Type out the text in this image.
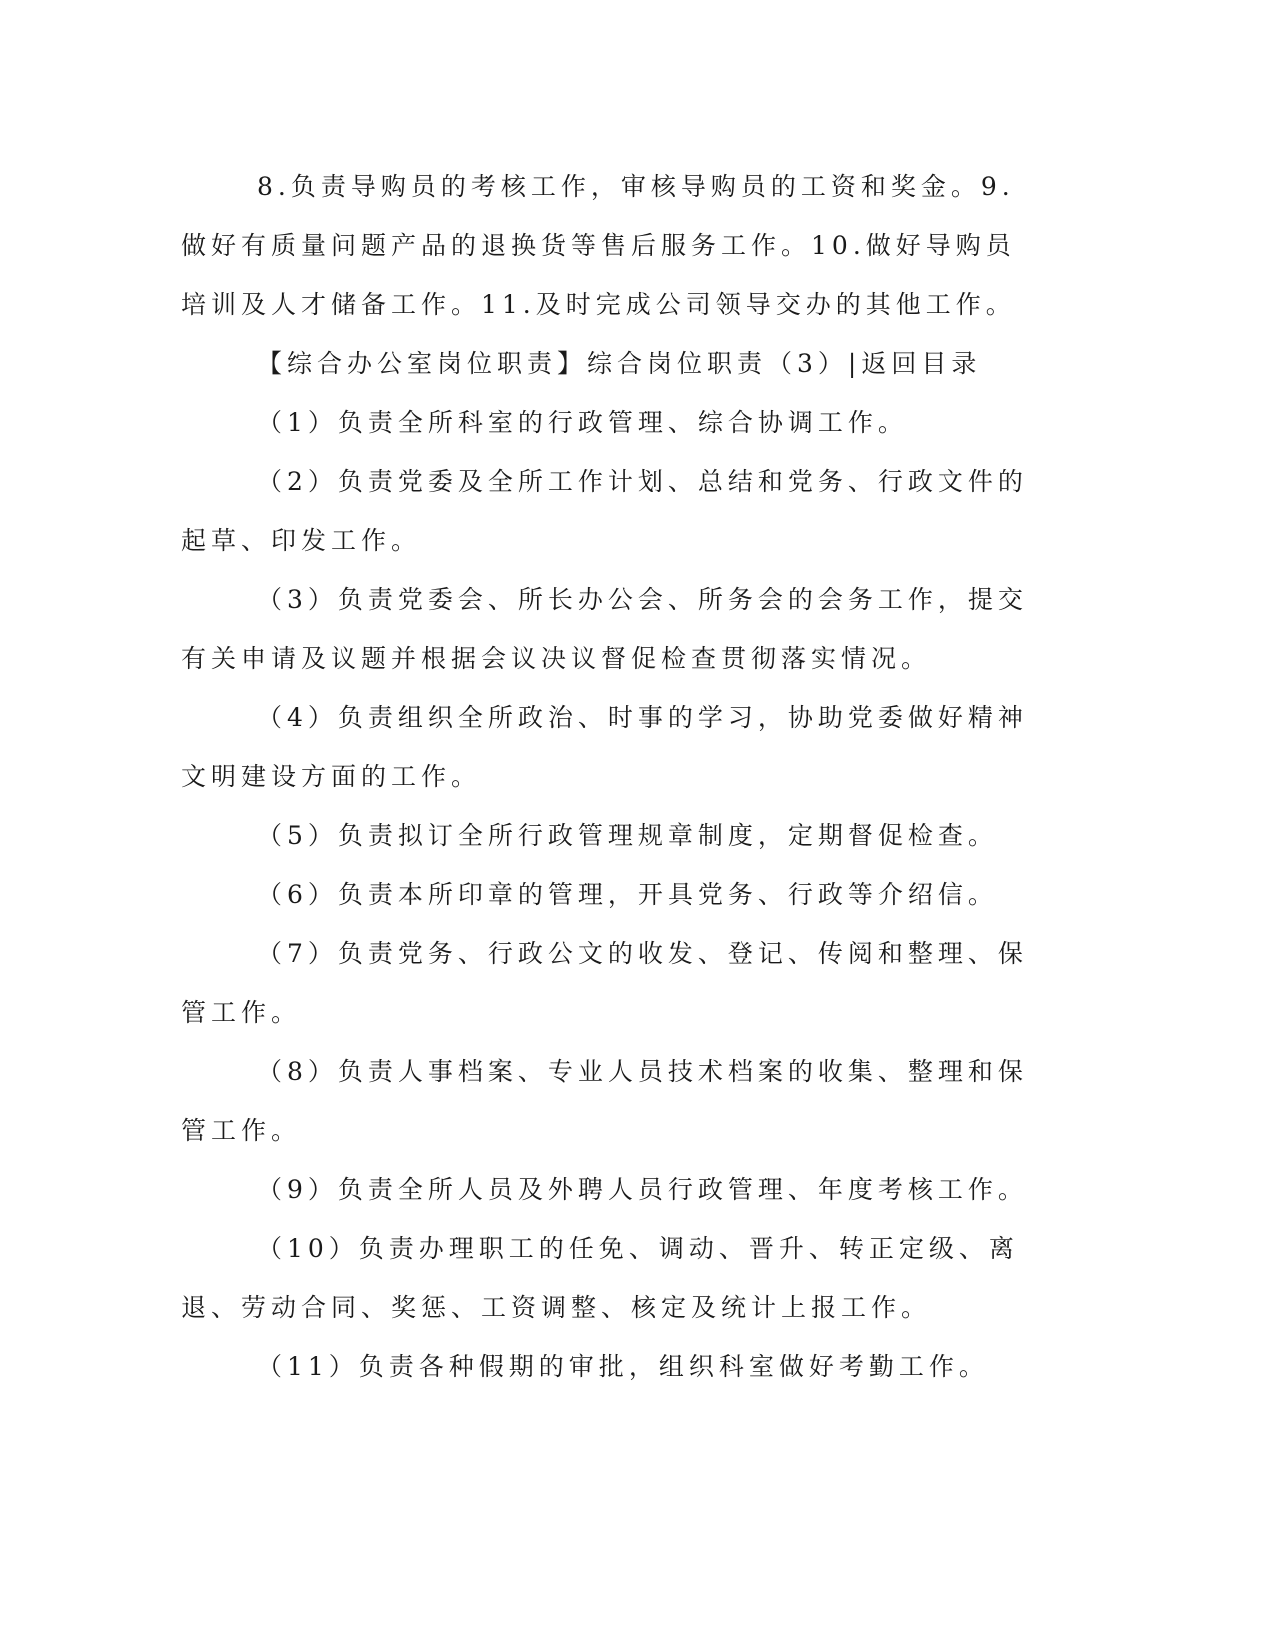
8.负责导购员的考核工作，审核导购员的工资和奖金。9.做好有质量问题产品的退换货等售后服务工作。10.做好导购员培训及人才储备工作。11.及时完成公司领导交办的其他工作。

【综合办公室岗位职责】综合岗位职责（3）|返回目录

（1）负责全所科室的行政管理、综合协调工作。

（2）负责党委及全所工作计划、总结和党务、行政文件的起草、印发工作。

（3）负责党委会、所长办公会、所务会的会务工作，提交有关申请及议题并根据会议决议督促检查贯彻落实情况。

（4）负责组织全所政治、时事的学习，协助党委做好精神文明建设方面的工作。

（5）负责拟订全所行政管理规章制度，定期督促检查。

（6）负责本所印章的管理，开具党务、行政等介绍信。

（7）负责党务、行政公文的收发、登记、传阅和整理、保管工作。

（8）负责人事档案、专业人员技术档案的收集、整理和保管工作。

（9）负责全所人员及外聘人员行政管理、年度考核工作。

（10）负责办理职工的任免、调动、晋升、转正定级、离退、劳动合同、奖惩、工资调整、核定及统计上报工作。

（11）负责各种假期的审批，组织科室做好考勤工作。
